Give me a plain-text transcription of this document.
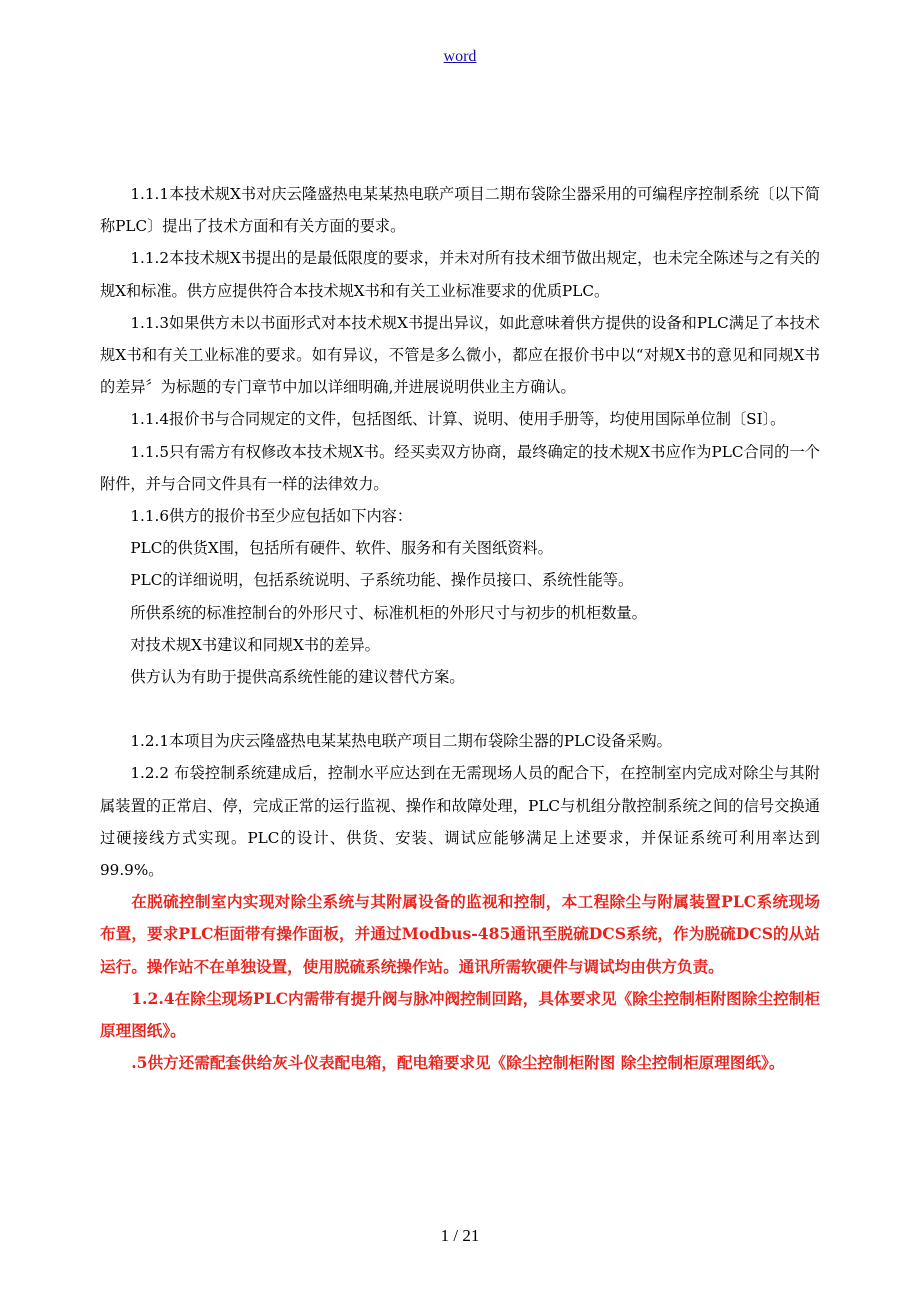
word

1.1.1本技术规X书对庆云隆盛热电某某热电联产项目二期布袋除尘器采用的可编程序控制系统〔以下简称PLC〕提出了技术方面和有关方面的要求。

1.1.2本技术规X书提出的是最低限度的要求，并未对所有技术细节做出规定，也未完全陈述与之有关的规X和标准。供方应提供符合本技术规X书和有关工业标准要求的优质PLC。

1.1.3如果供方未以书面形式对本技术规X书提出异议，如此意味着供方提供的设备和PLC满足了本技术规X书和有关工业标准的要求。如有异议，不管是多么微小，都应在报价书中以“对规X书的意见和同规X书的差异〞为标题的专门章节中加以详细明确,并进展说明供业主方确认。

1.1.4报价书与合同规定的文件，包括图纸、计算、说明、使用手册等，均使用国际单位制〔SI〕。

1.1.5只有需方有权修改本技术规X书。经买卖双方协商，最终确定的技术规X书应作为PLC合同的一个附件，并与合同文件具有一样的法律效力。

1.1.6供方的报价书至少应包括如下内容：

PLC的供货X围，包括所有硬件、软件、服务和有关图纸资料。

PLC的详细说明，包括系统说明、子系统功能、操作员接口、系统性能等。

所供系统的标准控制台的外形尺寸、标准机柜的外形尺寸与初步的机柜数量。

对技术规X书建议和同规X书的差异。

供方认为有助于提供高系统性能的建议替代方案。

1.2.1本项目为庆云隆盛热电某某热电联产项目二期布袋除尘器的PLC设备采购。

1.2.2 布袋控制系统建成后，控制水平应达到在无需现场人员的配合下，在控制室内完成对除尘与其附属装置的正常启、停，完成正常的运行监视、操作和故障处理，PLC与机组分散控制系统之间的信号交换通过硬接线方式实现。PLC的设计、供货、安装、调试应能够满足上述要求，并保证系统可利用率达到99.9%。

在脱硫控制室内实现对除尘系统与其附属设备的监视和控制，本工程除尘与附属装置PLC系统现场布置，要求PLC柜面带有操作面板，并通过Modbus-485通讯至脱硫DCS系统，作为脱硫DCS的从站运行。操作站不在单独设置，使用脱硫系统操作站。通讯所需软硬件与调试均由供方负责。

1.2.4在除尘现场PLC内需带有提升阀与脉冲阀控制回路，具体要求见《除尘控制柜附图除尘控制柜原理图纸》。

.5供方还需配套供给灰斗仪表配电箱，配电箱要求见《除尘控制柜附图 除尘控制柜原理图纸》。

1 / 21
